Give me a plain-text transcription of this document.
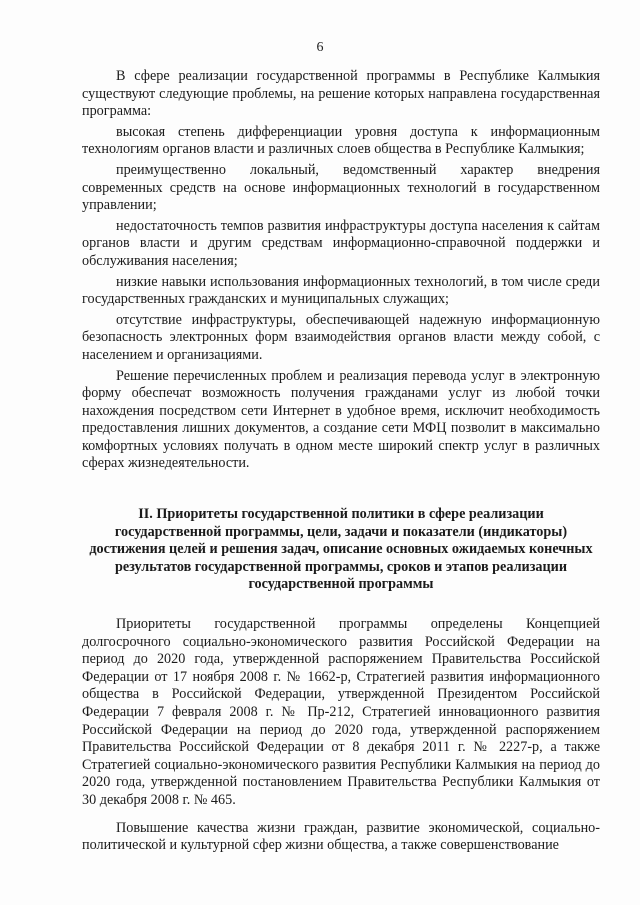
6

В сфере реализации государственной программы в Республике Калмыкия существуют следующие проблемы, на решение которых направлена государственная программа:

высокая степень дифференциации уровня доступа к информационным технологиям органов власти и различных слоев общества в Республике Калмыкия;

преимущественно локальный, ведомственный характер внедрения современных средств на основе информационных технологий в государственном управлении;

недостаточность темпов развития инфраструктуры доступа населения к сайтам органов власти и другим средствам информационно-справочной поддержки и обслуживания населения;

низкие навыки использования информационных технологий, в том числе среди государственных гражданских и муниципальных служащих;

отсутствие инфраструктуры, обеспечивающей надежную информационную безопасность электронных форм взаимодействия органов власти между собой, с населением и организациями.

Решение перечисленных проблем и реализация перевода услуг в электронную форму обеспечат возможность получения гражданами услуг из любой точки нахождения посредством сети Интернет в удобное время, исключит необходимость предоставления лишних документов, а создание сети МФЦ позволит в максимально комфортных условиях получать в одном месте широкий спектр услуг в различных сферах жизнедеятельности.

II. Приоритеты государственной политики в сфере реализации государственной программы, цели, задачи и показатели (индикаторы) достижения целей и решения задач, описание основных ожидаемых конечных результатов государственной программы, сроков и этапов реализации государственной программы

Приоритеты государственной программы определены Концепцией долгосрочного социально-экономического развития Российской Федерации на период до 2020 года, утвержденной распоряжением Правительства Российской Федерации от 17 ноября 2008 г. № 1662-р, Стратегией развития информационного общества в Российской Федерации, утвержденной Президентом Российской Федерации 7 февраля 2008 г. № Пр-212, Стратегией инновационного развития Российской Федерации на период до 2020 года, утвержденной распоряжением Правительства Российской Федерации от 8 декабря 2011 г. № 2227-р, а также Стратегией социально-экономического развития Республики Калмыкия на период до 2020 года, утвержденной постановлением Правительства Республики Калмыкия от 30 декабря 2008 г. № 465.

Повышение качества жизни граждан, развитие экономической, социально-политической и культурной сфер жизни общества, а также совершенствование
